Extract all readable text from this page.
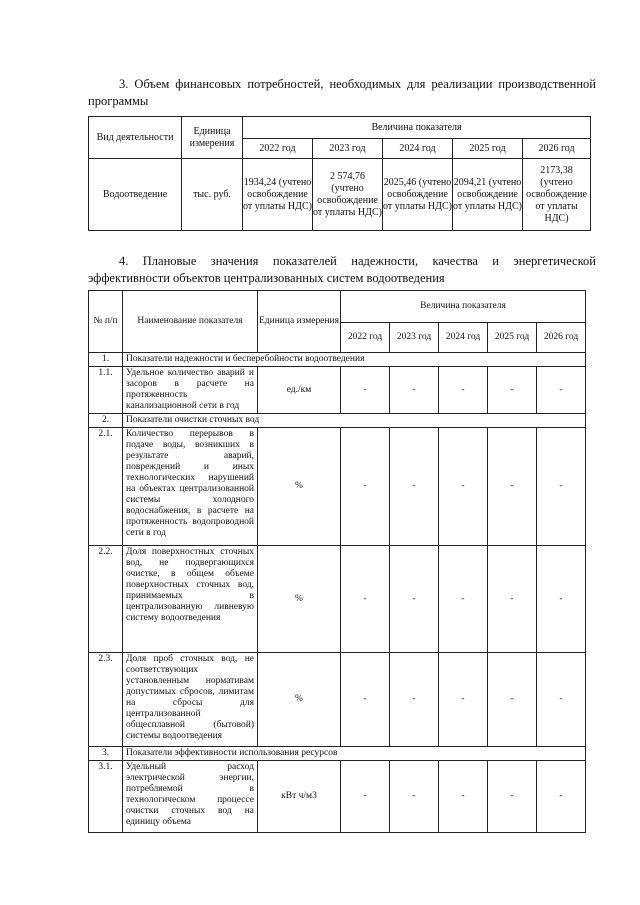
3. Объем финансовых потребностей, необходимых для реализации производственной программы
Вид деятельности	Единица измерения	Величина показателя				
		2022 год	2023 год	2024 год	2025 год	2026 год
Водоотведение	тыс. руб.	1934,24 (учтено освобождение от уплаты НДС)	2 574,76 (учтено освобождение от уплаты НДС)	2025,46 (учтено освобождение от уплаты НДС)	2094,21 (учтено освобождение от уплаты НДС)	2173,38 (учтено освобождение от уплаты НДС)
4. Плановые значения показателей надежности, качества и энергетической эффективности объектов централизованных систем водоотведения
№ п/п	Наименование показателя	Единица измерения	Величина показателя				
			2022 год	2023 год	2024 год	2025 год	2026 год
1.	Показатели надежности и бесперебойности водоотведения						
1.1.	Удельное количество аварий и засоров в расчете на протяженность канализационной сети в год	ед./км	-	-	-	-	-
2.	Показатели очистки сточных вод						
2.1.	Количество перерывов в подаче воды, возникших в результате аварий, повреждений и иных технологических нарушений на объектах централизованной системы холодного водоснабжения, в расчете на протяженность водопроводной сети в год	%	-	-	-	-	-
2.2.	Доля поверхностных сточных вод, не подвергающихся очистке, в общем объеме поверхностных сточных вод, принимаемых в централизованную ливневую систему водоотведения	%	-	-	-	-	-
2.3.	Доля проб сточных вод, не соответствующих установленным нормативам допустимых сбросов, лимитам на сбросы для централизованной общесплавной (бытовой) системы водоотведения	%	-	-	-	-	-
3.	Показатели эффективности использования ресурсов						
3.1.	Удельный расход электрической энергии, потребляемой в технологическом процессе очистки сточных вод на единицу объема	кВт ч/м3	-	-	-	-	-
